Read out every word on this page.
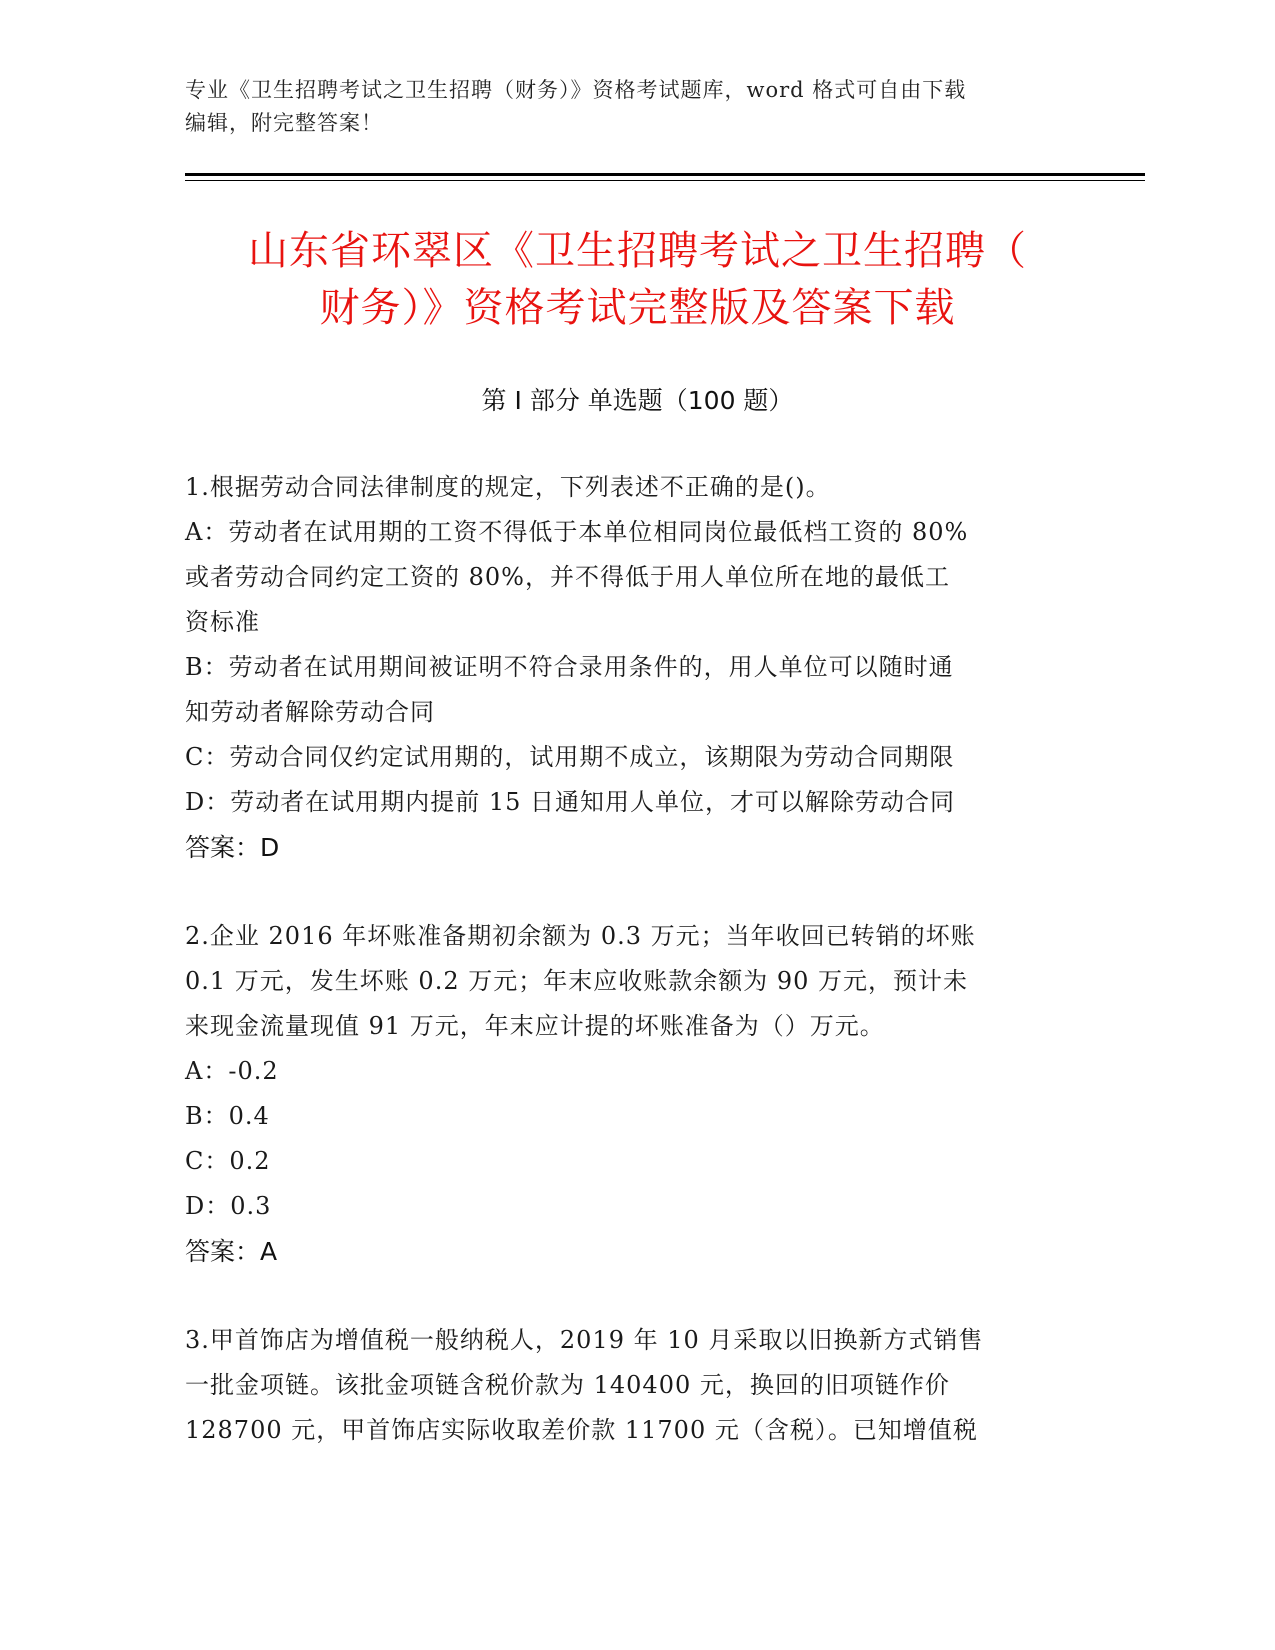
专业《卫生招聘考试之卫生招聘（财务）》资格考试题库，word 格式可自由下载
编辑，附完整答案！
山东省环翠区《卫生招聘考试之卫生招聘（
财务）》资格考试完整版及答案下载
第 I 部分 单选题（100 题）

1.根据劳动合同法律制度的规定，下列表述不正确的是()。

A：劳动者在试用期的工资不得低于本单位相同岗位最低档工资的 80%

或者劳动合同约定工资的 80%，并不得低于用人单位所在地的最低工

资标准

B：劳动者在试用期间被证明不符合录用条件的，用人单位可以随时通

知劳动者解除劳动合同

C：劳动合同仅约定试用期的，试用期不成立，该期限为劳动合同期限

D：劳动者在试用期内提前 15 日通知用人单位，才可以解除劳动合同

答案：D

2.企业 2016 年坏账准备期初余额为 0.3 万元；当年收回已转销的坏账

0.1 万元，发生坏账 0.2 万元；年末应收账款余额为 90 万元，预计未

来现金流量现值 91 万元，年末应计提的坏账准备为（）万元。

A：-0.2

B：0.4

C：0.2

D：0.3

答案：A

3.甲首饰店为增值税一般纳税人，2019 年 10 月采取以旧换新方式销售

一批金项链。该批金项链含税价款为 140400 元，换回的旧项链作价

128700 元，甲首饰店实际收取差价款 11700 元（含税）。已知增值税
